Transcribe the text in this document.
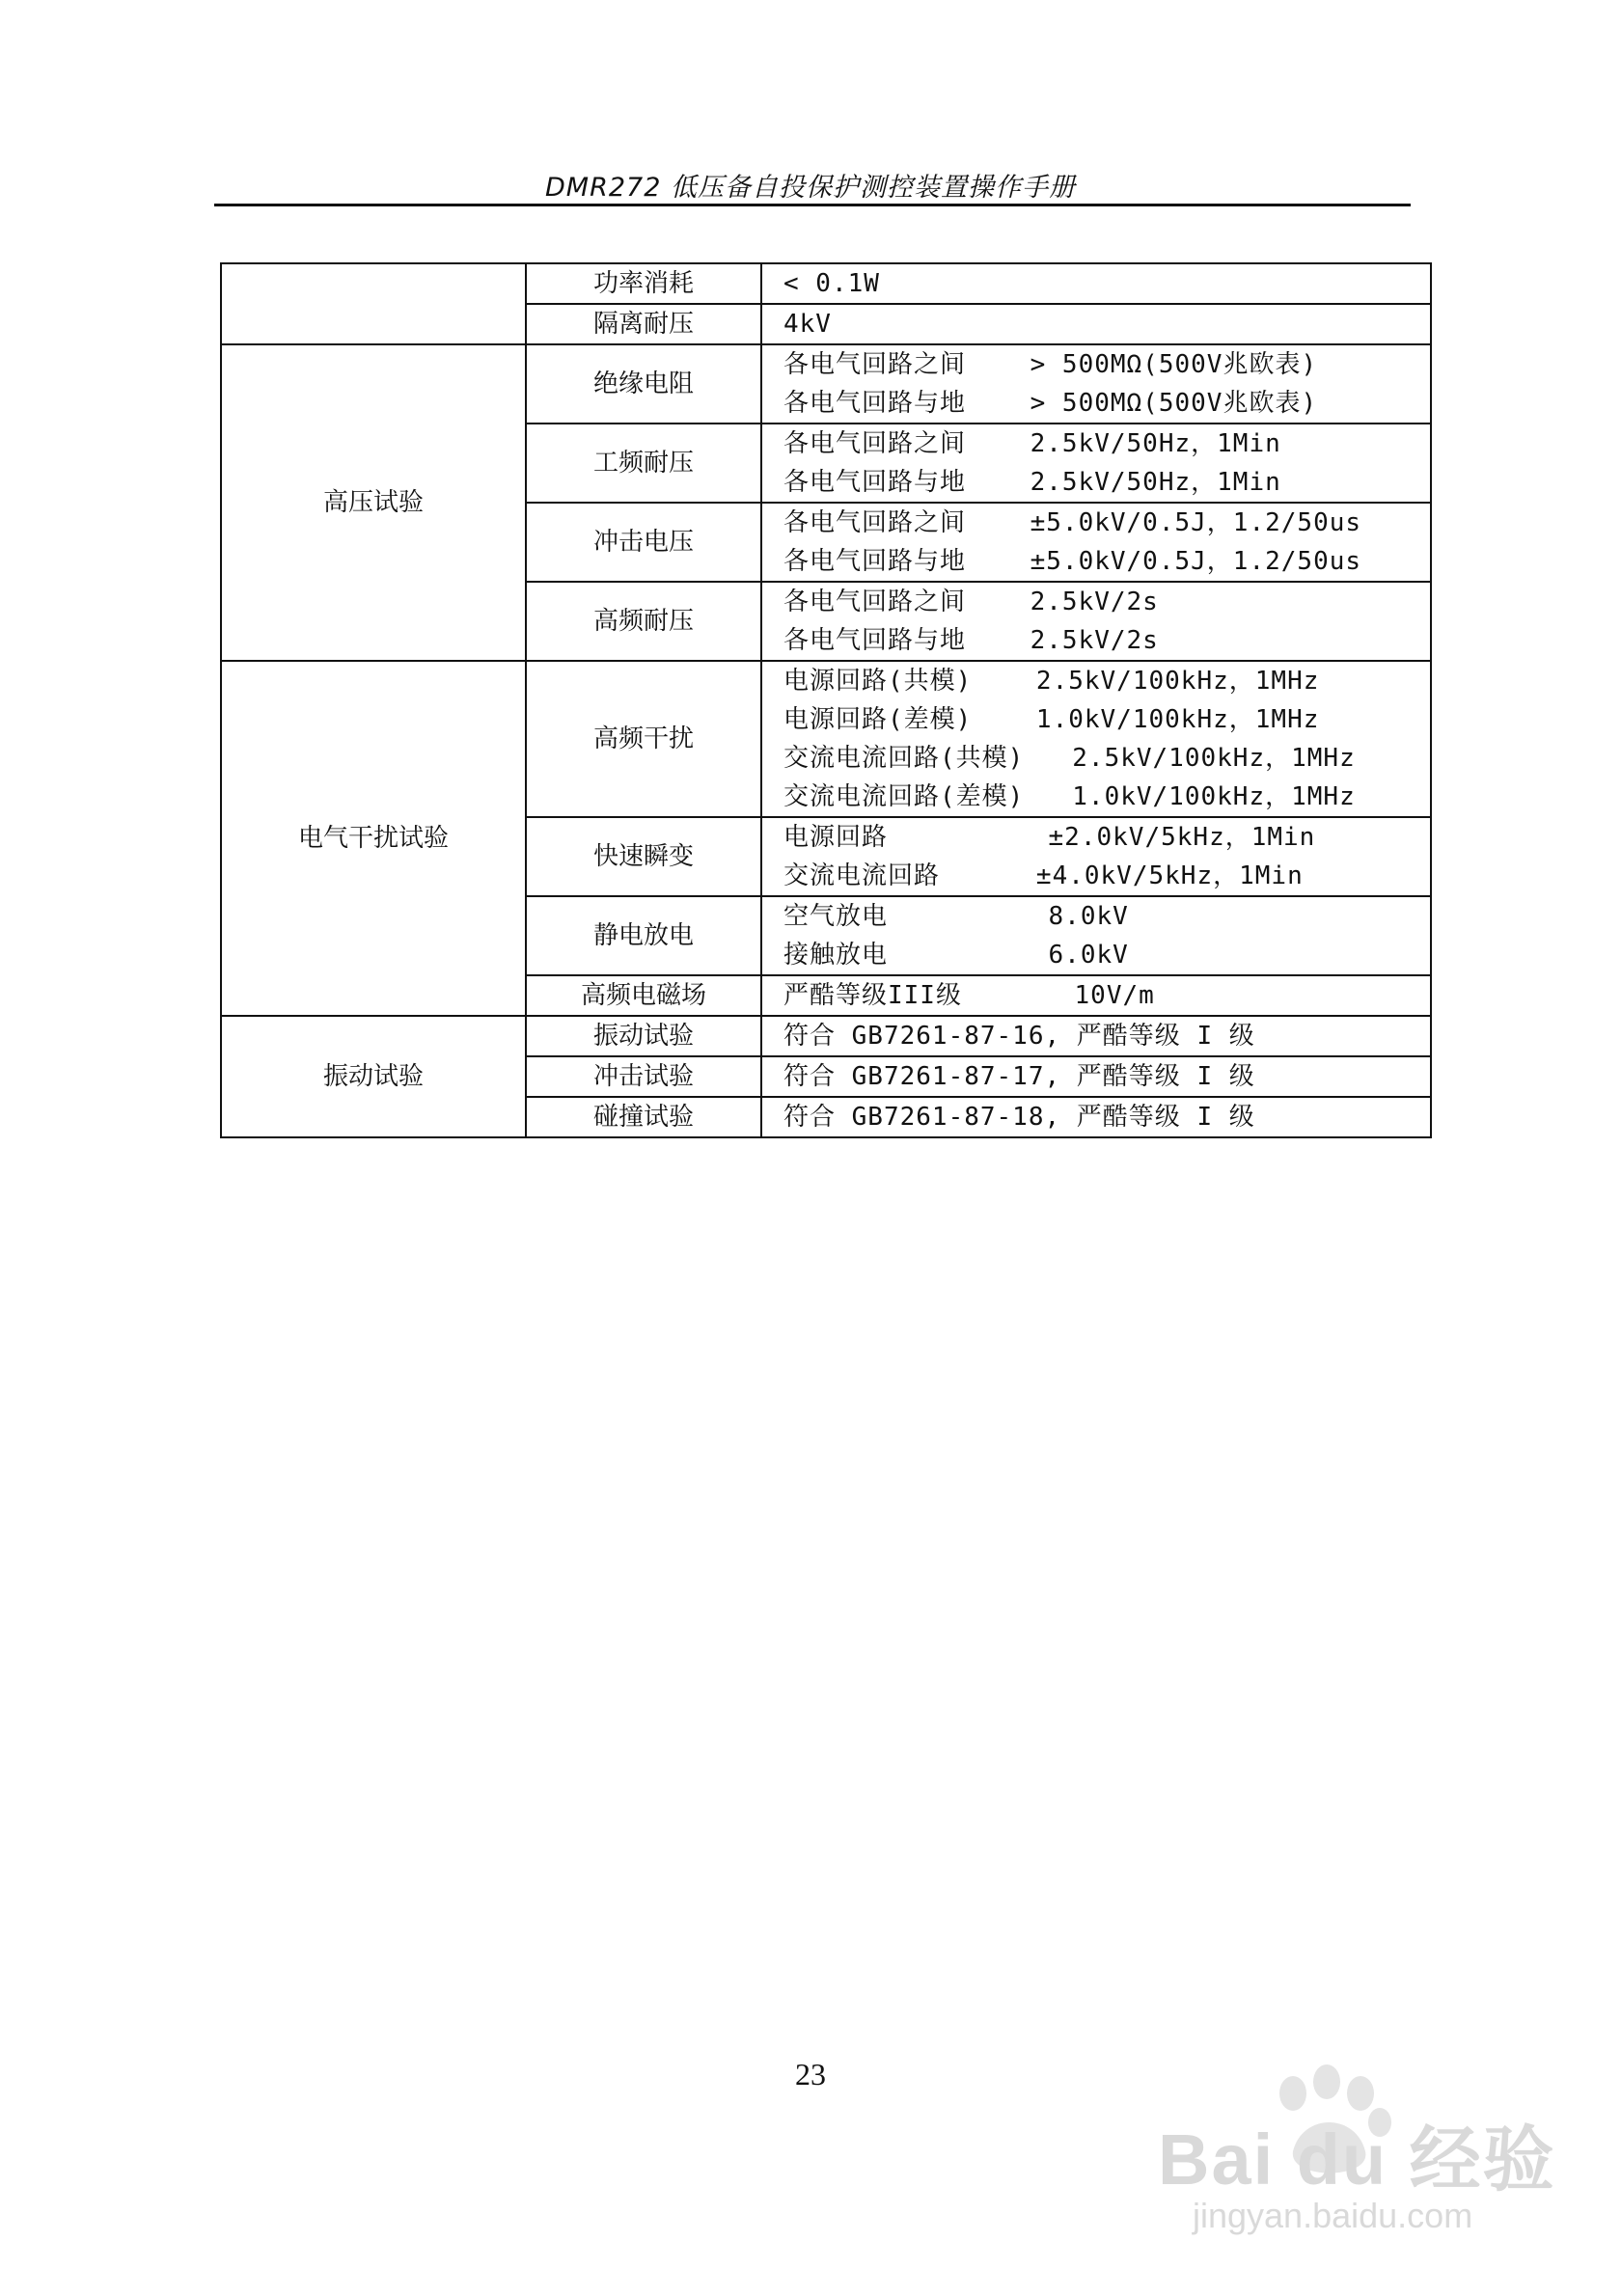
DMR272 低压备自投保护测控装置操作手册
	功率消耗	< 0.1W

	隔离耐压	4kV

高压试验	绝缘电阻	各电气回路之间    > 500MΩ(500V兆欧表)
各电气回路与地    > 500MΩ(500V兆欧表)

	工频耐压	各电气回路之间    2.5kV/50Hz，1Min
各电气回路与地    2.5kV/50Hz，1Min

	冲击电压	各电气回路之间    ±5.0kV/0.5J，1.2/50us
各电气回路与地    ±5.0kV/0.5J，1.2/50us

	高频耐压	各电气回路之间    2.5kV/2s
各电气回路与地    2.5kV/2s

电气干扰试验	高频干扰	电源回路(共模)    2.5kV/100kHz，1MHz
电源回路(差模)    1.0kV/100kHz，1MHz
交流电流回路(共模)   2.5kV/100kHz，1MHz
交流电流回路(差模)   1.0kV/100kHz，1MHz

	快速瞬变	电源回路          ±2.0kV/5kHz，1Min
交流电流回路      ±4.0kV/5kHz，1Min

	静电放电	空气放电          8.0kV
接触放电          6.0kV

	高频电磁场	严酷等级III级       10V/m

振动试验	振动试验	符合 GB7261-87-16, 严酷等级 I 级

	冲击试验	符合 GB7261-87-17, 严酷等级 I 级

	碰撞试验	符合 GB7261-87-18, 严酷等级 I 级
23
Bai du 经验
jingyan.baidu.com
